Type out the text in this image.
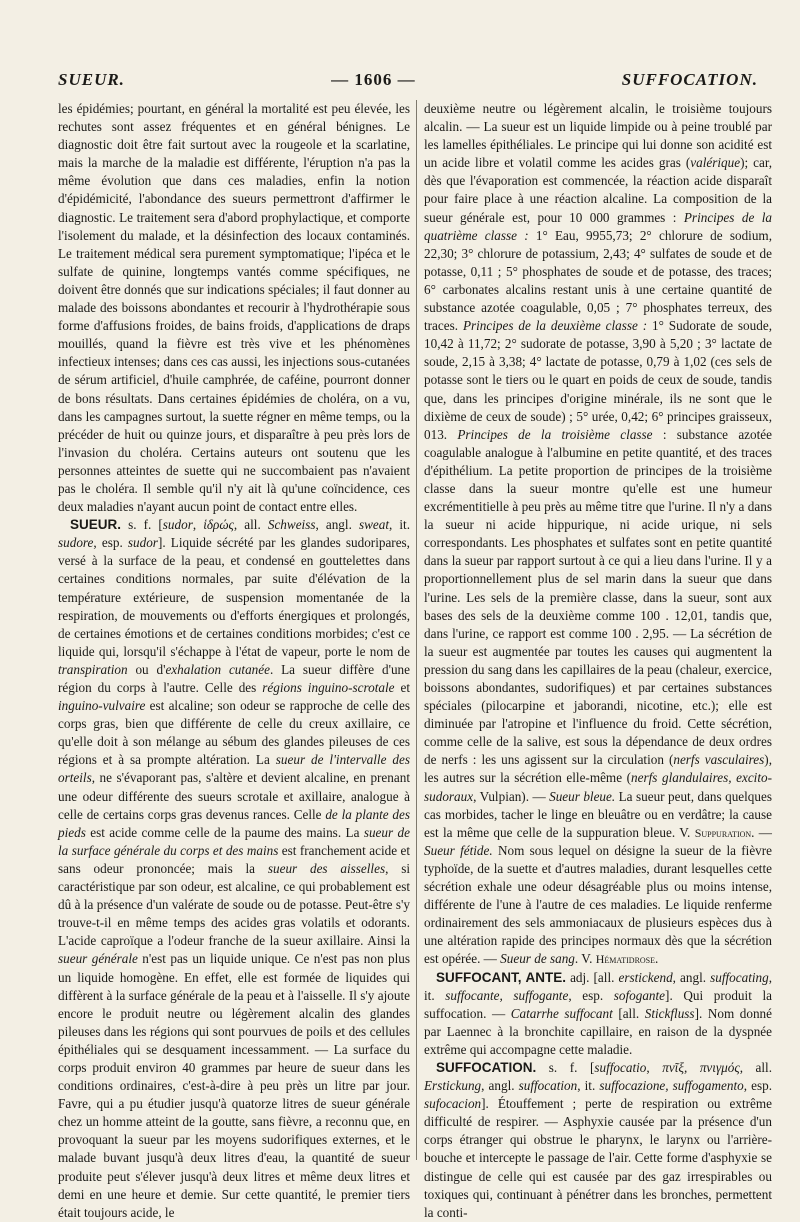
SUEUR.	— 1606 —	SUFFOCATION.

les épidémies; pourtant, en général la mortalité est peu élevée, les rechutes sont assez fréquentes et en général bénignes. Le diagnostic doit être fait surtout avec la rougeole et la scarlatine, mais la marche de la maladie est différente, l'éruption n'a pas la même évolution que dans ces maladies, enfin la notion d'épidémicité, l'abondance des sueurs permettront d'affirmer le diagnostic. Le traitement sera d'abord prophylactique, et comporte l'isolement du malade, et la désinfection des locaux contaminés. Le traitement médical sera purement symptomatique; l'ipéca et le sulfate de quinine, longtemps vantés comme spécifiques, ne doivent être donnés que sur indications spéciales; il faut donner au malade des boissons abondantes et recourir à l'hydrothérapie sous forme d'affusions froides, de bains froids, d'applications de draps mouillés, quand la fièvre est très vive et les phénomènes infectieux intenses; dans ces cas aussi, les injections sous-cutanées de sérum artificiel, d'huile camphrée, de caféine, pourront donner de bons résultats. Dans certaines épidémies de choléra, on a vu, dans les campagnes surtout, la suette régner en même temps, ou la précéder de huit ou quinze jours, et disparaître à peu près lors de l'invasion du choléra. Certains auteurs ont soutenu que les personnes atteintes de suette qui ne succombaient pas n'avaient pas le choléra. Il semble qu'il n'y ait là qu'une coïncidence, ces deux maladies n'ayant aucun point de contact entre elles.

SUEUR. s. f. [sudor, ἱδρώς, all. Schweiss, angl. sweat, it. sudore, esp. sudor]. Liquide sécrété par les glandes sudoripares, versé à la surface de la peau, et condensé en gouttelettes dans certaines conditions normales, par suite d'élévation de la température extérieure, de suspension momentanée de la respiration, de mouvements ou d'efforts énergiques et prolongés, de certaines émotions et de certaines conditions morbides; c'est ce liquide qui, lorsqu'il s'échappe à l'état de vapeur, porte le nom de transpiration ou d'exhalation cutanée. La sueur diffère d'une région du corps à l'autre. Celle des régions inguino-scrotale et inguino-vulvaire est alcaline; son odeur se rapproche de celle des corps gras, bien que différente de celle du creux axillaire, ce qu'elle doit à son mélange au sébum des glandes pileuses de ces régions et à sa prompte altération. La sueur de l'intervalle des orteils, ne s'évaporant pas, s'altère et devient alcaline, en prenant une odeur différente des sueurs scrotale et axillaire, analogue à celle de certains corps gras devenus rances. Celle de la plante des pieds est acide comme celle de la paume des mains. La sueur de la surface générale du corps et des mains est franchement acide et sans odeur prononcée; mais la sueur des aisselles, si caractéristique par son odeur, est alcaline, ce qui probablement est dû à la présence d'un valérate de soude ou de potasse. Peut-être s'y trouve-t-il en même temps des acides gras volatils et odorants. L'acide caproïque a l'odeur franche de la sueur axillaire. Ainsi la sueur générale n'est pas un liquide unique. Ce n'est pas non plus un liquide homogène. En effet, elle est formée de liquides qui diffèrent à la surface générale de la peau et à l'aisselle. Il s'y ajoute encore le produit neutre ou légèrement alcalin des glandes pileuses dans les régions qui sont pourvues de poils et des cellules épithéliales qui se desquament incessamment. — La surface du corps produit environ 40 grammes par heure de sueur dans les conditions ordinaires, c'est-à-dire à peu près un litre par jour. Favre, qui a pu étudier jusqu'à quatorze litres de sueur générale chez un homme atteint de la goutte, sans fièvre, a reconnu que, en provoquant la sueur par les moyens sudorifiques externes, et le malade buvant jusqu'à deux litres d'eau, la quantité de sueur produite peut s'élever jusqu'à deux litres et même deux litres et demi en une heure et demie. Sur cette quantité, le premier tiers était toujours acide, le

deuxième neutre ou légèrement alcalin, le troisième toujours alcalin. — La sueur est un liquide limpide ou à peine troublé par les lamelles épithéliales. Le principe qui lui donne son acidité est un acide libre et volatil comme les acides gras (valérique); car, dès que l'évaporation est commencée, la réaction acide disparaît pour faire place à une réaction alcaline. La composition de la sueur générale est, pour 10 000 grammes : Principes de la quatrième classe : 1° Eau, 9955,73; 2° chlorure de sodium, 22,30; 3° chlorure de potassium, 2,43; 4° sulfates de soude et de potasse, 0,11 ; 5° phosphates de soude et de potasse, des traces; 6° carbonates alcalins restant unis à une certaine quantité de substance azotée coagulable, 0,05 ; 7° phosphates terreux, des traces. Principes de la deuxième classe : 1° Sudorate de soude, 10,42 à 11,72; 2° sudorate de potasse, 3,90 à 5,20 ; 3° lactate de soude, 2,15 à 3,38; 4° lactate de potasse, 0,79 à 1,02 (ces sels de potasse sont le tiers ou le quart en poids de ceux de soude, tandis que, dans les principes d'origine minérale, ils ne sont que le dixième de ceux de soude) ; 5° urée, 0,42; 6° principes graisseux, 013. Principes de la troisième classe : substance azotée coagulable analogue à l'albumine en petite quantité, et des traces d'épithélium. La petite proportion de principes de la troisième classe dans la sueur montre qu'elle est une humeur excrémentitielle à peu près au même titre que l'urine. Il n'y a dans la sueur ni acide hippurique, ni acide urique, ni sels correspondants. Les phosphates et sulfates sont en petite quantité dans la sueur par rapport surtout à ce qui a lieu dans l'urine. Il y a proportionnellement plus de sel marin dans la sueur que dans l'urine. Les sels de la première classe, dans la sueur, sont aux bases des sels de la deuxième comme 100 . 12,01, tandis que, dans l'urine, ce rapport est comme 100 . 2,95. — La sécrétion de la sueur est augmentée par toutes les causes qui augmentent la pression du sang dans les capillaires de la peau (chaleur, exercice, boissons abondantes, sudorifiques) et par certaines substances spéciales (pilocarpine et jaborandi, nicotine, etc.); elle est diminuée par l'atropine et l'influence du froid. Cette sécrétion, comme celle de la salive, est sous la dépendance de deux ordres de nerfs : les uns agissent sur la circulation (nerfs vasculaires), les autres sur la sécrétion elle-même (nerfs glandulaires, excito-sudoraux, Vulpian). — Sueur bleue. La sueur peut, dans quelques cas morbides, tacher le linge en bleuâtre ou en verdâtre; la cause est la même que celle de la suppuration bleue. V. Suppuration. — Sueur fétide. Nom sous lequel on désigne la sueur de la fièvre typhoïde, de la suette et d'autres maladies, durant lesquelles cette sécrétion exhale une odeur désagréable plus ou moins intense, différente de l'une à l'autre de ces maladies. Le liquide renferme ordinairement des sels ammoniacaux de plusieurs espèces dus à une altération rapide des principes normaux dès que la sécrétion est opérée. — Sueur de sang. V. Hématidrose.

SUFFOCANT, ANTE. adj. [all. erstickend, angl. suffocating, it. suffocante, suffogante, esp. sofogante]. Qui produit la suffocation. — Catarrhe suffocant [all. Stickfluss]. Nom donné par Laennec à la bronchite capillaire, en raison de la dyspnée extrême qui accompagne cette maladie.

SUFFOCATION. s. f. [suffocatio, πνῖξ, πνιγμός, all. Erstickung, angl. suffocation, it. suffocazione, suffogamento, esp. sufocacion]. Étouffement ; perte de respiration ou extrême difficulté de respirer. — Asphyxie causée par la présence d'un corps étranger qui obstrue le pharynx, le larynx ou l'arrière-bouche et intercepte le passage de l'air. Cette forme d'asphyxie se distingue de celle qui est causée par des gaz irrespirables ou toxiques qui, continuant à pénétrer dans les bronches, permettent la conti-
